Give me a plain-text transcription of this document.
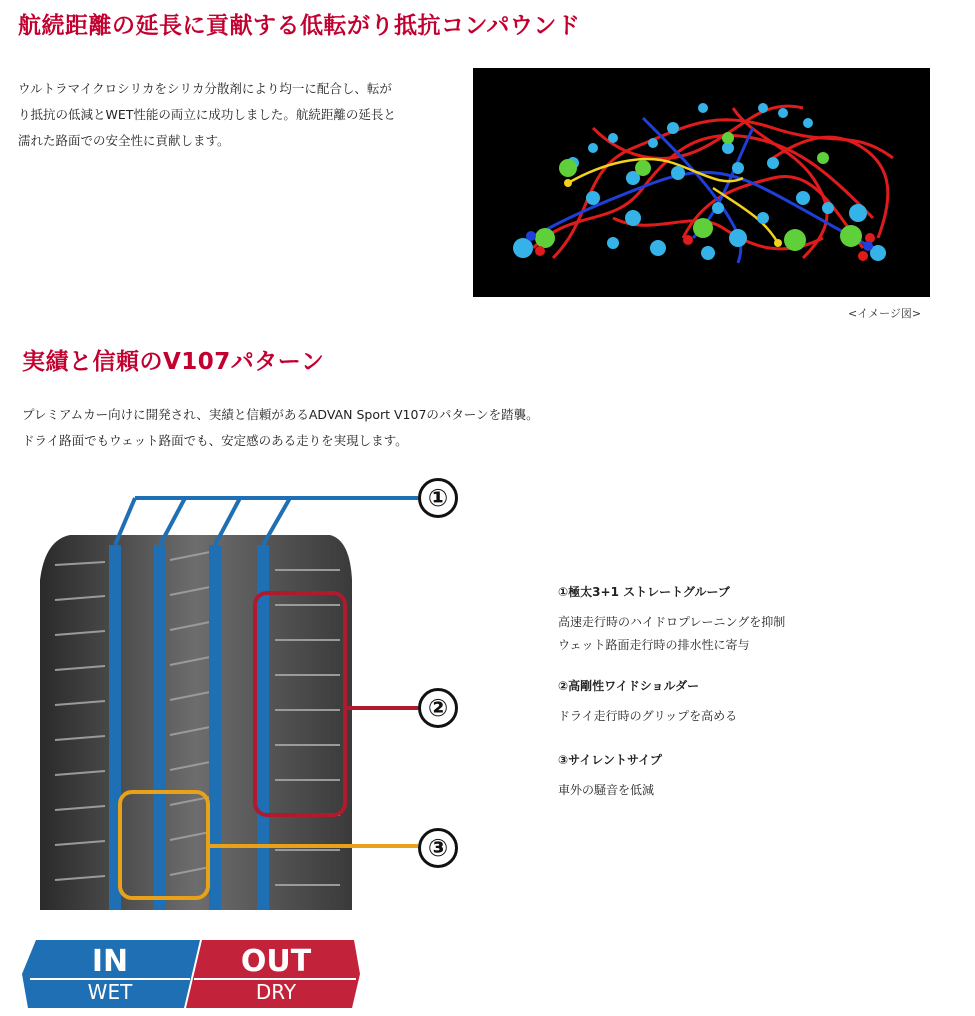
航続距離の延長に貢献する低転がり抵抗コンパウンド
ウルトラマイクロシリカをシリカ分散剤により均一に配合し、転が
り抵抗の低減とWET性能の両立に成功しました。航続距離の延長と
濡れた路面での安全性に貢献します。
<イメージ図>
実績と信頼のV107パターン
プレミアムカー向けに開発され、実績と信頼があるADVAN Sport V107のパターンを踏襲。
ドライ路面でもウェット路面でも、安定感のある走りを実現します。
①
②
③
①極太3+1 ストレートグルーブ
高速走行時のハイドロプレーニングを抑制
ウェット路面走行時の排水性に寄与
②高剛性ワイドショルダー
ドライ走行時のグリップを高める
③サイレントサイプ
車外の騒音を低減
IN
WET
OUT
DRY
